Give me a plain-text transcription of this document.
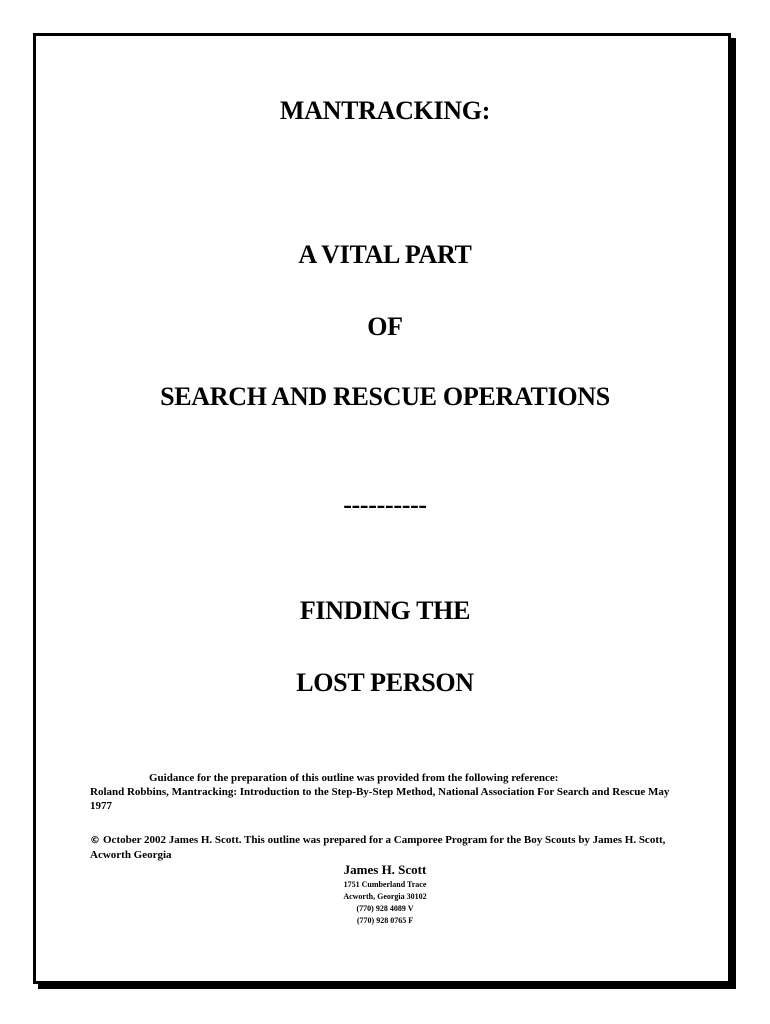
MANTRACKING:
A VITAL PART
OF
SEARCH AND RESCUE OPERATIONS
----------
FINDING THE
LOST PERSON
Guidance for the preparation of this outline was provided from the following reference:
Roland Robbins, Mantracking: Introduction to the Step-By-Step Method, National Association For Search and Rescue May 1977
© October 2002 James H. Scott. This outline was prepared for a Camporee Program for the Boy Scouts by James H. Scott, Acworth Georgia
James H. Scott
1751 Cumberland Trace
Acworth, Georgia 30102
(770) 928 4089 V
(770) 928 0765 F
